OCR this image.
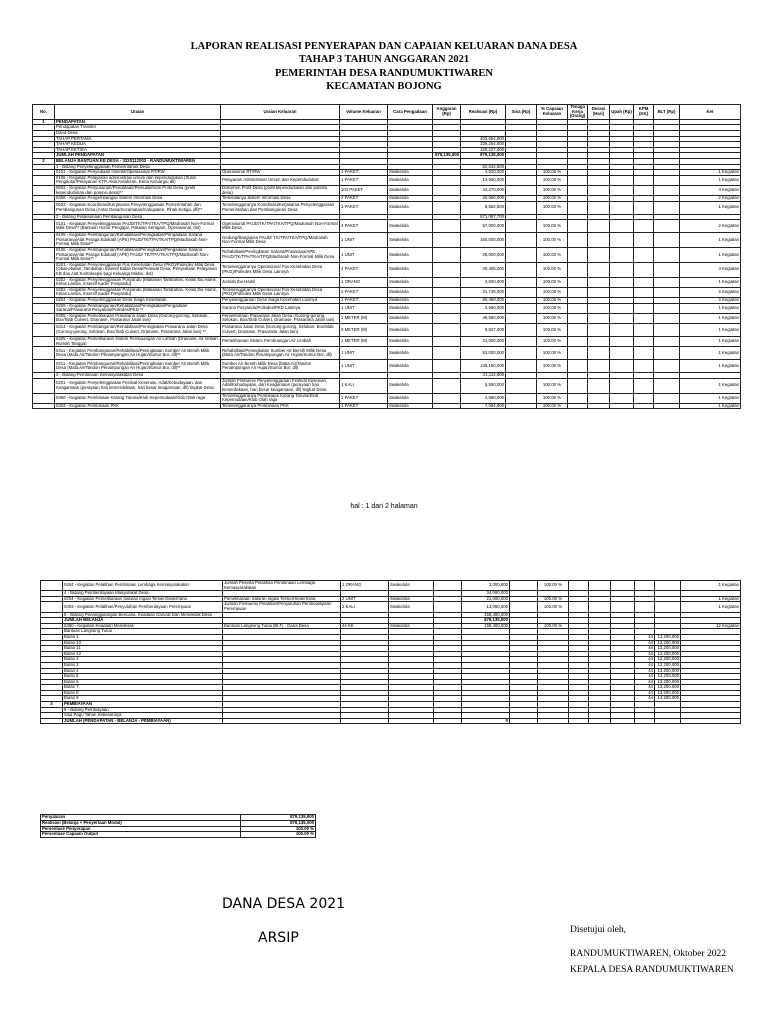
LAPORAN REALISASI PENYERAPAN DAN CAPAIAN KELUARAN DANA DESA
TAHAP 3 TAHUN ANGGARAN 2021
PEMERINTAH DESA RANDUMUKTIWAREN
KECAMATAN BOJONG
No.	Uraian	Uraian Keluaran	Volume Keluaran	Cara Pengadaan	Anggaran (Rp)	Realisasi (Rp)	Sisa (Rp)	% Capaian Keluaran	Tenaga Kerja (Orang)	Durasi (Hari)	Upah (Rp)	KPM (KK)	BLT (Rp)	Ket
1	PENDAPATAN													
	Pendapatan Transfer													
	Dana Desa													
	TAHAP PERTAMA					403,654,000								
	TAHAP KEDUA					325,254,000								
	TAHAP KETIGA					150,227,000								
	JUMLAH PENDAPATAN				879,135,000	879,135,000								
2	BELANJA BANTUAN KE DESA - 3320112003 - RANDUMUKTIWAREN													
	1 - Bidang Penyelenggaraan Pemerintahan Desa					62,642,500								
	0101 - Kegiatan Penyediaan Insentif/Operasional RT/RW	Operasional RT/RW	1 PAKET	Swakelola		4,520,000		100.00 %						1 Kegiatan
	0106 - Kegiatan Pelayanan administrasi umum dan kependudukan (Surat Pengantar/Pelayanan KTP, Akta Kelahiran, Kartu Keluarga, dll)	Pelayanan Administrasi Umum dan Kependudukan	1 PAKET	Swakelola		13,650,000		100.00 %						1 Kegiatan
	0502 - Kegiatan Penyusunan/Pendataan/Pemutakhiran Profil Desa (profil kependudukan dan potensi desa)**	Dokumen Profil Desa (profil kependudukan dan potensi desa)	104 PAKET	Swakelola		43,270,000		100.00 %						4 Kegiatan
	0406 - Kegiatan Pengembangan Sistem Informasi Desa	Terkelolanya Sistem Informasi Desa	2 PAKET	Swakelola		20,650,000		100.00 %						2 Kegiatan
	0502 - Kegiatan Koordinasi/Kerjasama Penyelenggaraan Pemerintahan dan Pembangunan Desa (Antar Desa/Kecamatan/Kabupaten, Pihak Ketiga, dll)**	Terselenggaranya Koordinasi/Kerjasama Penyelenggaraan Pemerintahan dan Pembangunan Desa	1 PAKET	Swakelola		8,562,500		100.00 %						1 Kegiatan
	2 - Bidang Pelaksanaan Pembangunan Desa					571,087,700								
	0101 - Kegiatan Penyelenggaraan PAUD/TK/TPA/TKA/TPQ/Madrasah Non-Formal Milik Desa** (Bantuan Honor Pengajar, Pakaian Seragam, Operasional, dst)	Operasional PAUD/TK/TPA/TKA/TPQ/Madrasah Non-Formal Milik Desa	4 PAKET	Swakelola		57,000,000		100.00 %						2 Kegiatan
	0105 - Kegiatan Pembangunan/Rehabilitasi/Peningkatan/Pengadaan Sarana Prasarana/Alat Peraga Edukatif (APE) PAUD/TK/TPA/TKA/TPQ/Madrasah Non-Formal Milik Desa**	Gedung/Bangunan PAUD/ TK/TPA/TKA/TPQ/Madrasah Non-Formal Milik Desa	1 UNIT	Swakelola		160,000,000		100.00 %						1 Kegiatan
	0106 - Kegiatan Pembangunan/Rehabilitasi/Peningkatan/Pengadaan Sarana Prasarana/Alat Peraga Edukatif (APE) PAUD/ TK/TPA/TKA/TPQ/Madrasah Non-Formal Milik Desa**	Rehabilitasi/Peningkatan Sarana/Prasarana/APE PAUD/TK/TPA/TKA/TPQ/Madrasah Non-Formal Milik Desa	1 UNIT	Swakelola		28,000,000		100.00 %						1 Kegiatan
	0201 - Kegiatan Penyelenggaraan Pos Kesehatan Desa (PKD)/Polindes Milik Desa (Obat-obatan, Tambahan Insentif Bidan Desa/Perawat Desa, Penyediaan Pelayanan KB dan Alat Kontrasepsi bagi Keluarga Miskin, dst)	Terselenggaranya Operasional Pos Kesehatan Desa (PKD)/Polindes Milik Desa Lainnya	4 PAKET	Swakelola		40,405,000		100.00 %						4 Kegiatan
	0202 - Kegiatan Penyelenggaraan Posyandu (Makanan Tambahan, Kelas Ibu Hamil, Kelas Lansia, Insentif Kader Posyandu)	Jumlah Ibu Hamil	1 ORANG	Swakelola		4,500,000		100.00 %						1 Kegiatan
	0202 - Kegiatan Penyelenggaraan Posyandu (Makanan Tambahan, Kelas Ibu Hamil, Kelas Lansia, Insentif Kader Posyandu)	Terselenggaranya Operasional Pos Kesehatan Desa (PKD)/Polindes Milik Desa Lainnya	2 PAKET	Swakelola		31,745,000		100.00 %						2 Kegiatan
	0204 - Kegiatan Penyelenggaraan Desa Siaga Kesehatan	Penyelenggaraan Desa Siaga Kesehatan Lainnya	2 PAKET	Swakelola		60,460,000		100.00 %						2 Kegiatan
	0209 - Kegiatan Pembangunan/Rehabilitasi/Peningkatan/Pengadaan Sarana/Prasarana Posyandu/Polindes/PKD **	Sarana Posyandu/Polindes/PKD Lainnya	1 UNIT	Swakelola		2,550,000		100.00 %						1 Kegiatan
	0305 - Kegiatan Pemeliharaan Prasarana Jalan Desa (Gorong-gorong, Selokan, Box/Slab Culvert, Drainase, Prasarana Jalan lain)	Pemeliharaan Prasarana Jalan Desa (Gorong-gorong, Selokan, Box/Slab Culvert, Drainase, Prasarana Jalan lain)	1 METER (M)	Swakelola		49,550,000		100.00 %						1 Kegiatan
	0314 - Kegiatan Pembangunan/Rehabilitasi/Peningkatan Prasarana Jalan Desa (Gorong-gorong, Selokan, Box/Slab Culvert, Drainase, Prasarana Jalan lain) **	Prasarana Jalan Desa (Gorong-gorong, Selokan, Box/Slab Culvert, Drainase, Prasarana Jalan lain)	2 METER (M)	Swakelola		9,927,000		100.00 %						1 Kegiatan
	0405 - Kegiatan Pemeliharaan Sistem Pembuangan Air Limbah (Drainase, Air limbah Rumah Tangga)	Pemeliharaan Sistem Pembuangan Air Limbah	1 METER (M)	Swakelola		21,000,000		100.00 %						1 Kegiatan
	0411 - Kegiatan Pembangunan/Rehabilitasi/Peningkatan Sumber Air Bersih Milik Desa (Mata Air/Tandon Penampungan Air Hujan/Sumur Bor, dll)**	Rehabilitasi/Peningkatan Sumber Air Bersih Milik Desa (Mata Air/Tandon Penampungan Air Hujan/Sumur Bor, dll)	1 UNIT	Swakelola		53,000,000		100.00 %						1 Kegiatan
	0411 - Kegiatan Pembangunan/Rehabilitasi/Peningkatan Sumber Air Bersih Milik Desa (Mata Air/Tandon Penampungan Air Hujan/Sumur Bor, dll)**	Sumber Air Bersih Milik Desa (Mata Air/Tandon Penampungan Air Hujan/Sumur Bor, dll)	1 UNIT	Swakelola		135,150,000		100.00 %						1 Kegiatan
	3 - Bidang Pembinaan Kemasyarakatan Desa					21,114,800								
	0201 - Kegiatan Penyelenggaraan Festival Kesenian, Adat/Kebudayaan, dan Keagamaan (perayaan hari kemerdekaan, hari besar keagamaan, dll) tingkat Desa	Jumlah Frekuensi Penyelenggaraan Festival Kesenian, Adat/Kebudayaan, dan Keagamaan (perayaan hari kemerdekaan, hari besar keagamaan, dll) tingkat Desa	1 KALI	Swakelola		5,550,000		100.00 %						1 Kegiatan
	0360 - Kegiatan Pembinaan Karang Taruna/Klub Kepemudaan/Klub Olah raga	Terselenggaranya Pembinaan Karang Taruna/Klub Kepemudaan/Klub Olah raga	1 PAKET	Swakelola		4,660,000		100.00 %						1 Kegiatan
	0403 - Kegiatan Pembinaan PKK	Terselenggaranya Pembinaan PKK	1 PAKET	Swakelola		7,084,800		100.00 %						1 Kegiatan
hal : 1 dari 2 halaman
	0404 - Kegiatan Pelatihan Pembinaan Lembaga Kemasyarakatan	Jumlah Peserta Pelatihan Pembinaan Lembaga Kemasyarakatan	1 ORANG	Swakelola		3,000,000		100.00 %						1 Kegiatan
	4 - Bidang Pemberdayaan Masyarakat Desa					34,060,000								
	0204 - Kegiatan Pemeliharaan Saluran Irigasi Tersier/Sederhana	Pemeliharaan Saluran Irigasi Tersier/Sederhana	2 UNIT	Swakelola		21,000,000		100.00 %						1 Kegiatan
	0403 - Kegiatan Pelatihan/Penyuluhan Pemberdayaan Perempuan	Jumlah Frekuensi Pelatihan/Penyuluhan Pemberdayaan Perempuan	2 KALI	Swakelola		13,060,000		100.00 %						1 Kegiatan
	5 - Bidang Penanggulangan Bencana, Keadaan Darurat Dan Mendesak Desa					158,400,000								
	JUMLAH BELANJA					879,135,000								
	0360 - Kegiatan Keadaan Mendesak	Bantuan Langsung Tunai (BLT) - Dana Desa	44 KK	Swakelola		158,400,000		100.00 %						12 Kegiatan
	Bantuan Langsung Tunai													
	Bulan 1											44	13,200,000	
	Bulan 10											44	13,200,000	
	Bulan 11											44	13,200,000	
	Bulan 12											44	13,200,000	
	Bulan 2											44	13,200,000	
	Bulan 3											44	13,200,000	
	Bulan 4											44	13,200,000	
	Bulan 5											44	13,200,000	
	Bulan 6											44	13,200,000	
	Bulan 7											44	13,200,000	
	Bulan 8											44	13,200,000	
	Bulan 9											44	13,200,000	
3	PEMBIAYAAN													
	6 - Bidang Pembiayaan													
	Sisa Pagu Tahun Sebelumnya													
	JUMLAH (PENDAPATAN - BELANJA - PEMBIAYAAN)					0								
Penyaluran	879,135,000
Realisasi (Belanja + Penyertaan Modal)	879,135,000
Persentase Penyerapan	100.00 %
Persentase Capaian Output	100.00 %
DANA DESA 2021
ARSIP	Disetujui oleh,
RANDUMUKTIWAREN, Oktober 2022
KEPALA DESA RANDUMUKTIWAREN
